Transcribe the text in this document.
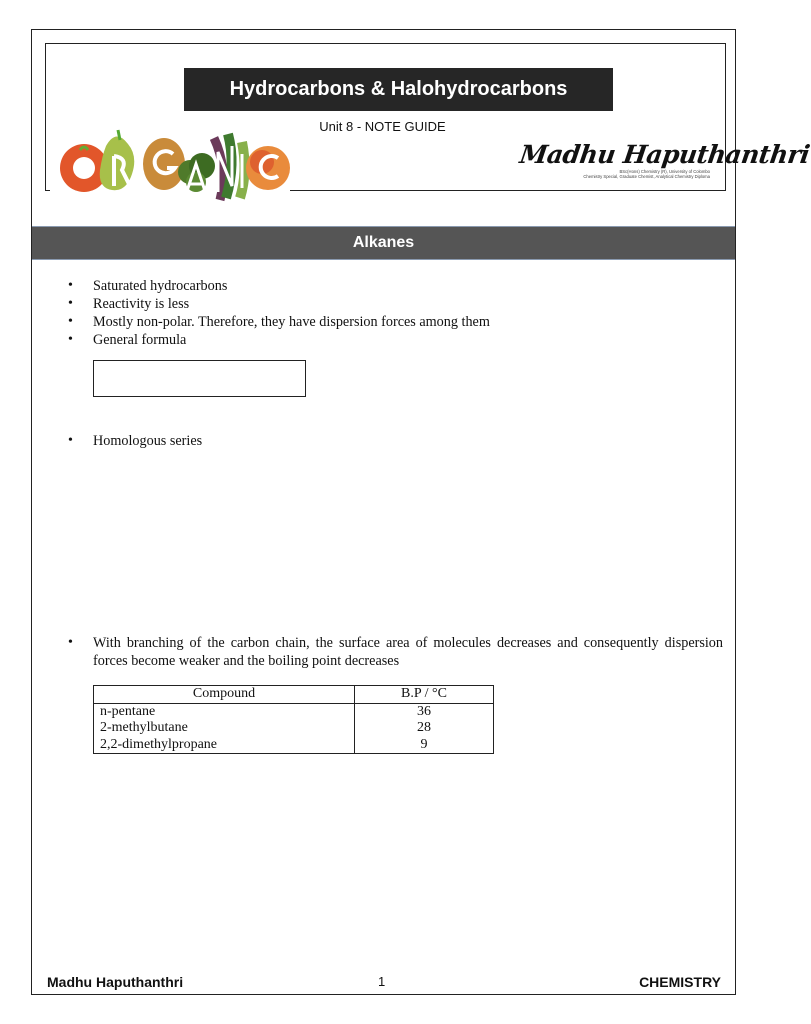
Hydrocarbons & Halohydrocarbons
Unit 8 - NOTE GUIDE
Madhu Haputhanthri
BSc(Hons) Chemistry (R), University of Colombo
Chemistry Special, Graduate Chemist, Analytical Chemistry Diploma
Alkanes
• Saturated hydrocarbons
• Reactivity is less
• Mostly non-polar. Therefore, they have dispersion forces among them
• General formula
• Homologous series
• With branching of the carbon chain, the surface area of molecules decreases and consequently dispersion forces become weaker and the boiling point decreases
Compound	B.P / °C
n-pentane	36
2-methylbutane	28
2,2-dimethylpropane	9
Madhu Haputhanthri	1	CHEMISTRY
